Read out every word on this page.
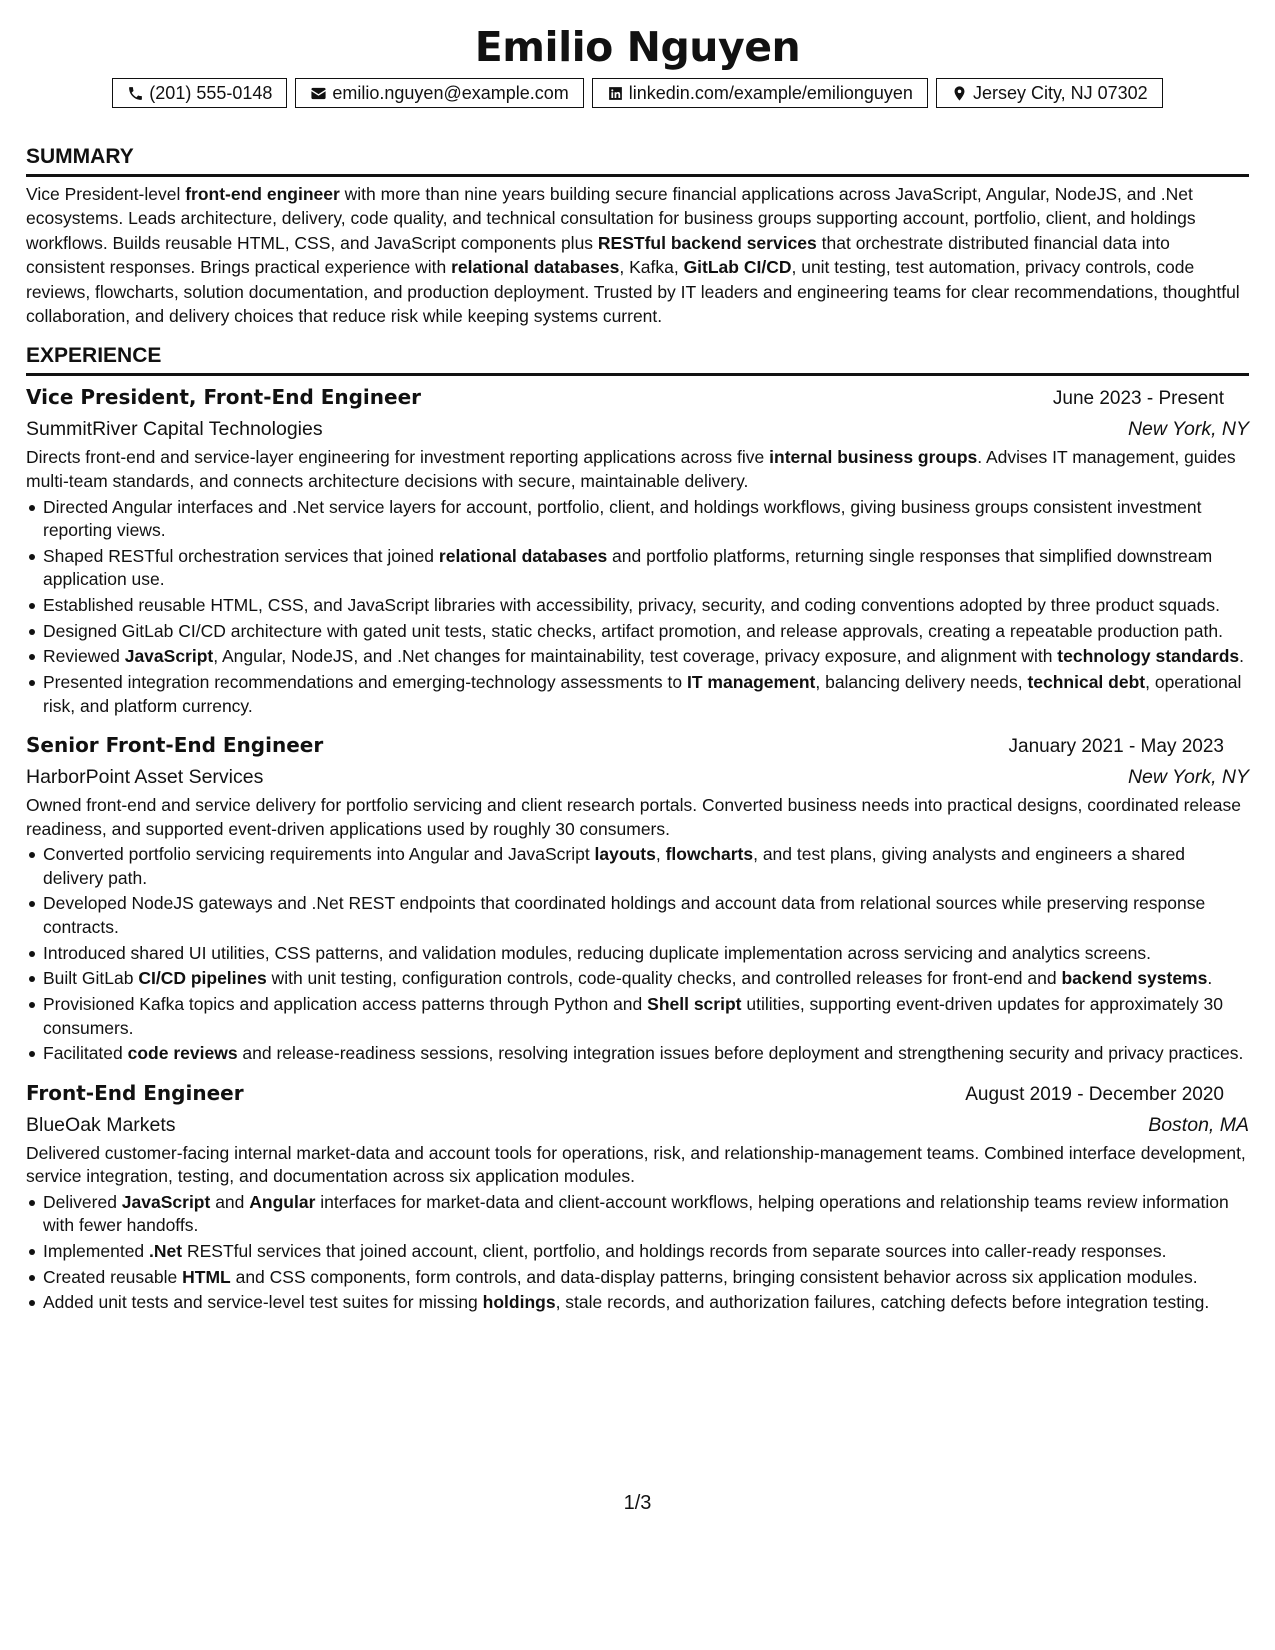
Emilio Nguyen
(201) 555-0148	emilio.nguyen@example.com	linkedin.com/example/emilionguyen	Jersey City, NJ 07302
SUMMARY

Vice President-level front-end engineer with more than nine years building secure financial applications across JavaScript, Angular, NodeJS, and .Net ecosystems. Leads architecture, delivery, code quality, and technical consultation for business groups supporting account, portfolio, client, and holdings workflows. Builds reusable HTML, CSS, and JavaScript components plus RESTful backend services that orchestrate distributed financial data into consistent responses. Brings practical experience with relational databases, Kafka, GitLab CI/CD, unit testing, test automation, privacy controls, code reviews, flowcharts, solution documentation, and production deployment. Trusted by IT leaders and engineering teams for clear recommendations, thoughtful collaboration, and delivery choices that reduce risk while keeping systems current.

EXPERIENCE
Vice President, Front-End Engineer	June 2023 - Present
SummitRiver Capital Technologies	New York, NY

Directs front-end and service-layer engineering for investment reporting applications across five internal business groups. Advises IT management, guides multi-team standards, and connects architecture decisions with secure, maintainable delivery.

Directed Angular interfaces and .Net service layers for account, portfolio, client, and holdings workflows, giving business groups consistent investment reporting views.
Shaped RESTful orchestration services that joined relational databases and portfolio platforms, returning single responses that simplified downstream application use.
Established reusable HTML, CSS, and JavaScript libraries with accessibility, privacy, security, and coding conventions adopted by three product squads.
Designed GitLab CI/CD architecture with gated unit tests, static checks, artifact promotion, and release approvals, creating a repeatable production path.
Reviewed JavaScript, Angular, NodeJS, and .Net changes for maintainability, test coverage, privacy exposure, and alignment with technology standards.
Presented integration recommendations and emerging-technology assessments to IT management, balancing delivery needs, technical debt, operational risk, and platform currency.
Senior Front-End Engineer	January 2021 - May 2023
HarborPoint Asset Services	New York, NY

Owned front-end and service delivery for portfolio servicing and client research portals. Converted business needs into practical designs, coordinated release readiness, and supported event-driven applications used by roughly 30 consumers.

Converted portfolio servicing requirements into Angular and JavaScript layouts, flowcharts, and test plans, giving analysts and engineers a shared delivery path.
Developed NodeJS gateways and .Net REST endpoints that coordinated holdings and account data from relational sources while preserving response contracts.
Introduced shared UI utilities, CSS patterns, and validation modules, reducing duplicate implementation across servicing and analytics screens.
Built GitLab CI/CD pipelines with unit testing, configuration controls, code-quality checks, and controlled releases for front-end and backend systems.
Provisioned Kafka topics and application access patterns through Python and Shell script utilities, supporting event-driven updates for approximately 30 consumers.
Facilitated code reviews and release-readiness sessions, resolving integration issues before deployment and strengthening security and privacy practices.
Front-End Engineer	August 2019 - December 2020
BlueOak Markets	Boston, MA

Delivered customer-facing internal market-data and account tools for operations, risk, and relationship-management teams. Combined interface development, service integration, testing, and documentation across six application modules.

Delivered JavaScript and Angular interfaces for market-data and client-account workflows, helping operations and relationship teams review information with fewer handoffs.
Implemented .Net RESTful services that joined account, client, portfolio, and holdings records from separate sources into caller-ready responses.
Created reusable HTML and CSS components, form controls, and data-display patterns, bringing consistent behavior across six application modules.
Added unit tests and service-level test suites for missing holdings, stale records, and authorization failures, catching defects before integration testing.
1/3
